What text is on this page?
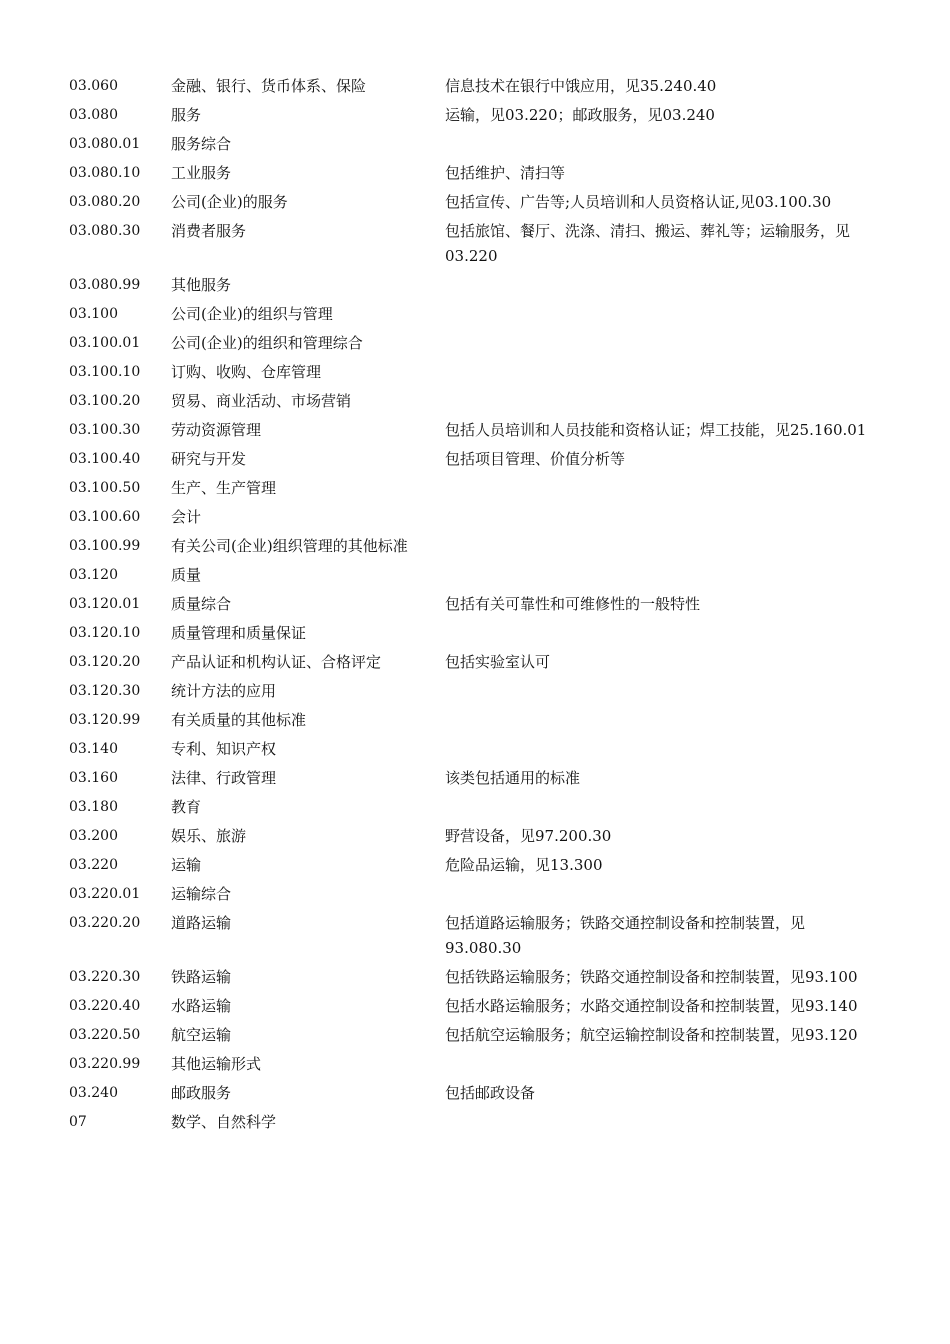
03.060	金融、银行、货币体系、保险	信息技术在银行中饿应用，见35.240.40
03.080	服务	运输，见03.220；邮政服务，见03.240
03.080.01	服务综合
03.080.10	工业服务	包括维护、清扫等
03.080.20	公司(企业)的服务	包括宣传、广告等;人员培训和人员资格认证,见03.100.30
03.080.30	消费者服务	包括旅馆、餐厅、洗涤、清扫、搬运、葬礼等；运输服务，见03.220
03.080.99	其他服务
03.100	公司(企业)的组织与管理
03.100.01	公司(企业)的组织和管理综合
03.100.10	订购、收购、仓库管理
03.100.20	贸易、商业活动、市场营销
03.100.30	劳动资源管理	包括人员培训和人员技能和资格认证；焊工技能，见25.160.01
03.100.40	研究与开发	包括项目管理、价值分析等
03.100.50	生产、生产管理
03.100.60	会计
03.100.99	有关公司(企业)组织管理的其他标准
03.120	质量
03.120.01	质量综合	包括有关可靠性和可维修性的一般特性
03.120.10	质量管理和质量保证
03.120.20	产品认证和机构认证、合格评定	包括实验室认可
03.120.30	统计方法的应用
03.120.99	有关质量的其他标准
03.140	专利、知识产权
03.160	法律、行政管理	该类包括通用的标准
03.180	教育
03.200	娱乐、旅游	野营设备，见97.200.30
03.220	运输	危险品运输，见13.300
03.220.01	运输综合
03.220.20	道路运输	包括道路运输服务；铁路交通控制设备和控制装置，见93.080.30
03.220.30	铁路运输	包括铁路运输服务；铁路交通控制设备和控制装置，见93.100
03.220.40	水路运输	包括水路运输服务；水路交通控制设备和控制装置，见93.140
03.220.50	航空运输	包括航空运输服务；航空运输控制设备和控制装置，见93.120
03.220.99	其他运输形式
03.240	邮政服务	包括邮政设备
07	数学、自然科学
